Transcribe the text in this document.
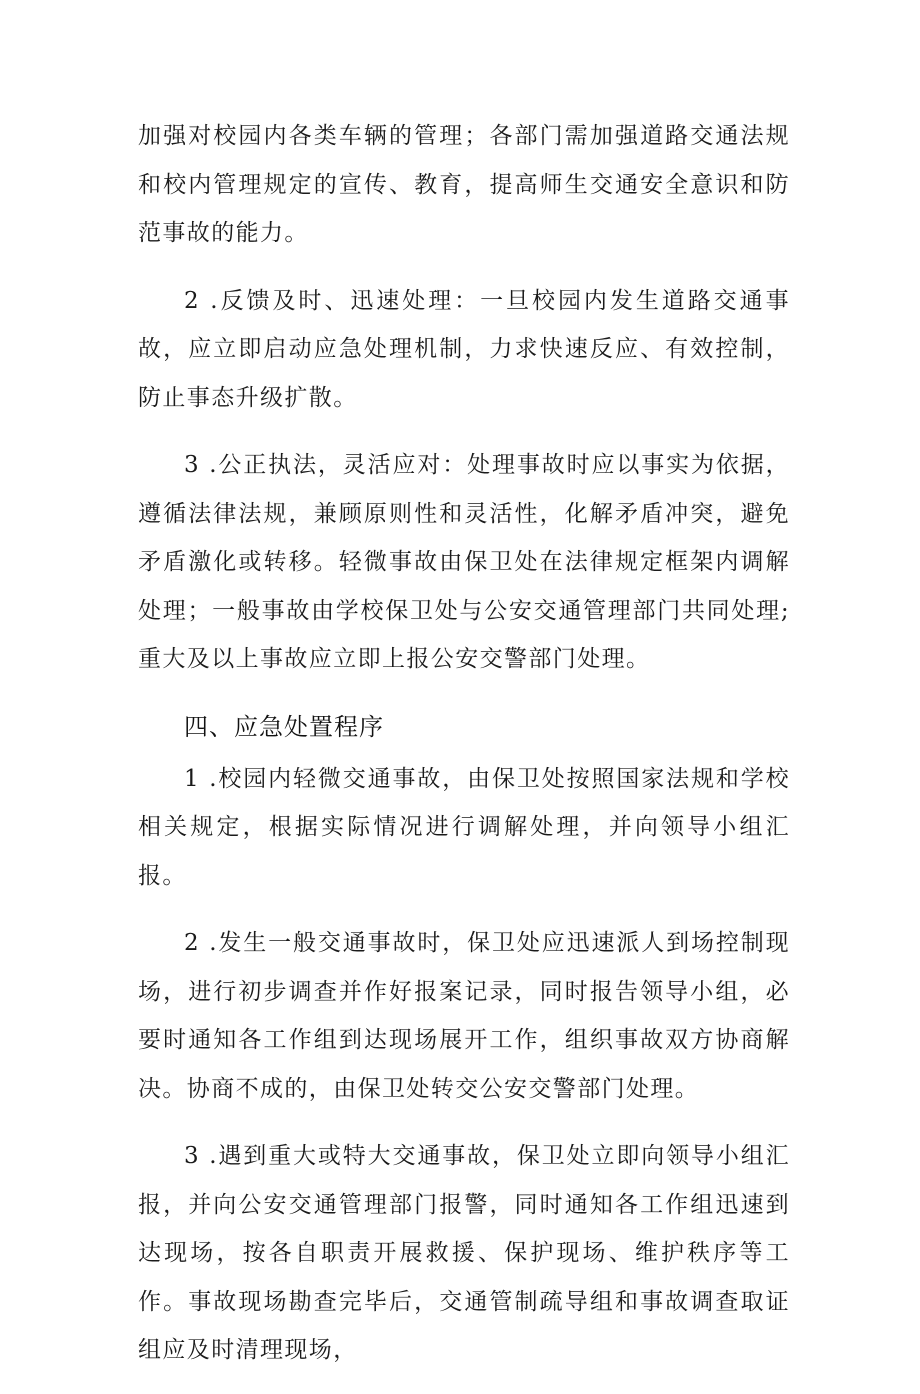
加强对校园内各类车辆的管理；各部门需加强道路交通法规和校内管理规定的宣传、教育，提高师生交通安全意识和防范事故的能力。

2 .反馈及时、迅速处理：一旦校园内发生道路交通事故，应立即启动应急处理机制，力求快速反应、有效控制，防止事态升级扩散。

3 .公正执法，灵活应对：处理事故时应以事实为依据，遵循法律法规，兼顾原则性和灵活性，化解矛盾冲突，避免矛盾激化或转移。轻微事故由保卫处在法律规定框架内调解处理；一般事故由学校保卫处与公安交通管理部门共同处理;重大及以上事故应立即上报公安交警部门处理。

四、应急处置程序

1 .校园内轻微交通事故，由保卫处按照国家法规和学校相关规定，根据实际情况进行调解处理，并向领导小组汇报。

2 .发生一般交通事故时，保卫处应迅速派人到场控制现场，进行初步调查并作好报案记录，同时报告领导小组，必要时通知各工作组到达现场展开工作，组织事故双方协商解决。协商不成的，由保卫处转交公安交警部门处理。

3 .遇到重大或特大交通事故，保卫处立即向领导小组汇报，并向公安交通管理部门报警，同时通知各工作组迅速到达现场，按各自职责开展救援、保护现场、维护秩序等工作。事故现场勘查完毕后，交通管制疏导组和事故调查取证组应及时清理现场，
